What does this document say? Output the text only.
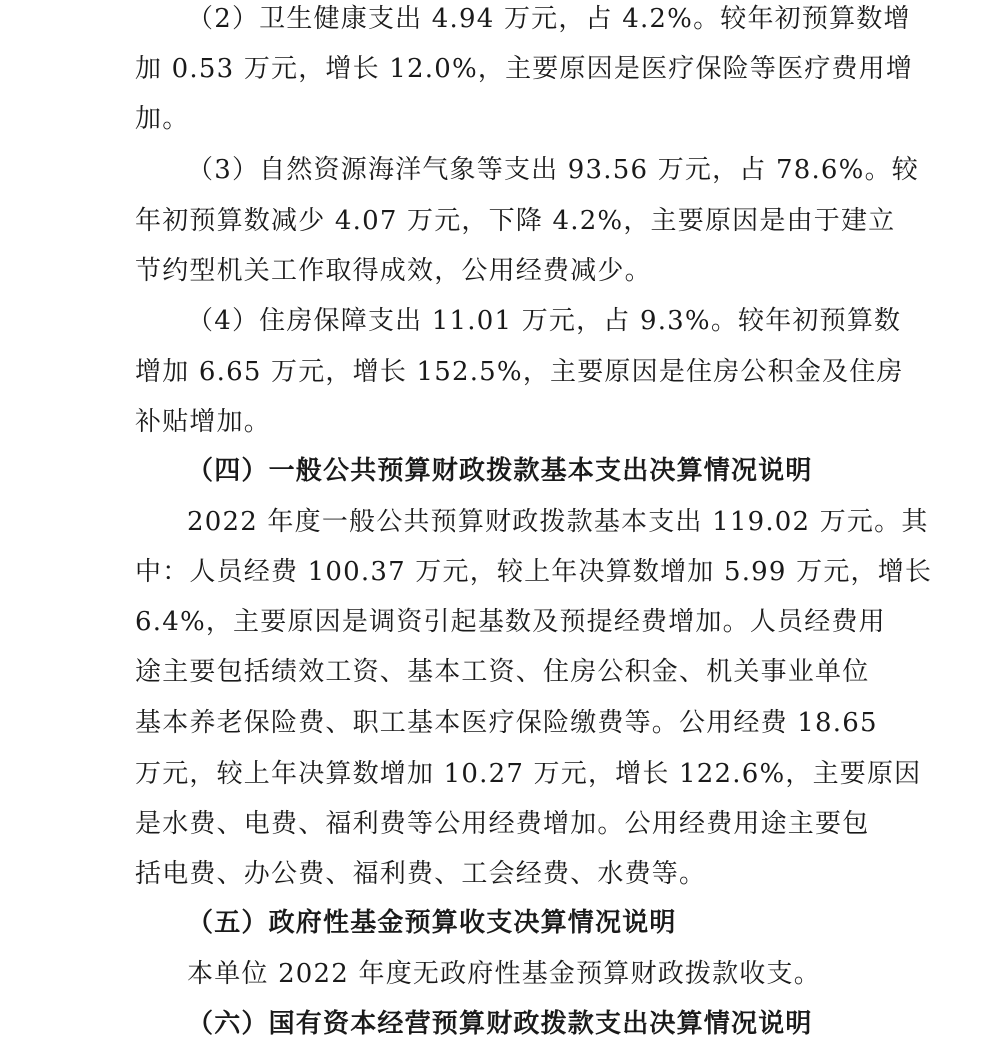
（2）卫生健康支出 4.94 万元，占 4.2%。较年初预算数增
加 0.53 万元，增长 12.0%，主要原因是医疗保险等医疗费用增
加。
（3）自然资源海洋气象等支出 93.56 万元，占 78.6%。较
年初预算数减少 4.07 万元，下降 4.2%，主要原因是由于建立
节约型机关工作取得成效，公用经费减少。
（4）住房保障支出 11.01 万元，占 9.3%。较年初预算数
增加 6.65 万元，增长 152.5%，主要原因是住房公积金及住房
补贴增加。
（四）一般公共预算财政拨款基本支出决算情况说明
2022 年度一般公共预算财政拨款基本支出 119.02 万元。其
中：人员经费 100.37 万元，较上年决算数增加 5.99 万元，增长
6.4%，主要原因是调资引起基数及预提经费增加。人员经费用
途主要包括绩效工资、基本工资、住房公积金、机关事业单位
基本养老保险费、职工基本医疗保险缴费等。公用经费 18.65
万元，较上年决算数增加 10.27 万元，增长 122.6%，主要原因
是水费、电费、福利费等公用经费增加。公用经费用途主要包
括电费、办公费、福利费、工会经费、水费等。
（五）政府性基金预算收支决算情况说明
本单位 2022 年度无政府性基金预算财政拨款收支。
（六）国有资本经营预算财政拨款支出决算情况说明
